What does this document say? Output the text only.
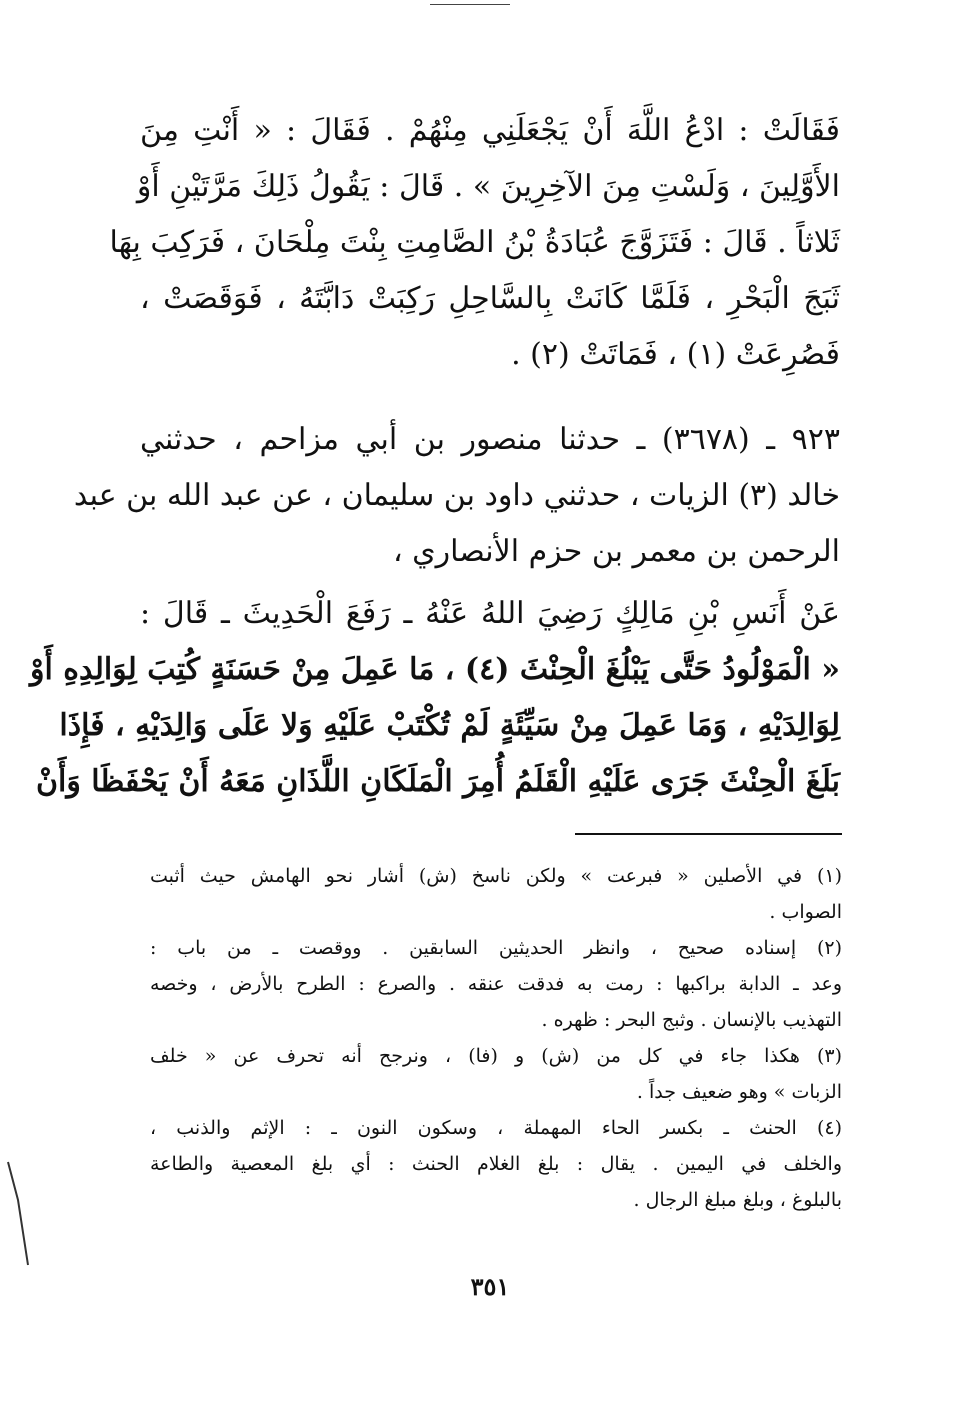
فَقَالَتْ : ادْعُ اللَّهَ أَنْ يَجْعَلَنِي مِنْهُمْ . فَقَالَ : « أَنْتِ مِنَ
الأَوَّلِينَ ، وَلَسْتِ مِنَ الآخِرِينَ » . قَالَ : يَقُولُ ذَلِكَ مَرَّتَيْنِ أَوْ
ثَلاثاً . قَالَ : فَتَزَوَّجَ عُبَادَةُ بْنُ الصَّامِتِ بِنْتَ مِلْحَانَ ، فَرَكِبَ بِهَا
ثَبَجَ الْبَحْرِ ، فَلَمَّا كَانَتْ بِالسَّاحِلِ رَكِبَتْ دَابَّتَهُ ، فَوَقَصَتْ ،
فَصُرِعَتْ (١) ، فَمَاتَتْ (٢) .
٩٢٣ ـ (٣٦٧٨) ـ حدثنا منصور بن أبي مزاحم ، حدثني
خالد (٣) الزيات ، حدثني داود بن سليمان ، عن عبد الله بن عبد
الرحمن بن معمر بن حزم الأنصاري ،
عَنْ أَنَسِ بْنِ مَالِكٍ رَضِيَ اللهُ عَنْهُ ـ رَفَعَ الْحَدِيثَ ـ قَالَ :
« الْمَوْلُودُ حَتَّى يَبْلُغَ الْحِنْثَ (٤) ، مَا عَمِلَ مِنْ حَسَنَةٍ كُتِبَ لِوَالِدِهِ أَوْ
لِوَالِدَيْهِ ، وَمَا عَمِلَ مِنْ سَيِّئَةٍ لَمْ تُكْتَبْ عَلَيْهِ وَلا عَلَى وَالِدَيْهِ ، فَإِذَا
بَلَغَ الْحِنْثَ جَرَى عَلَيْهِ الْقَلَمُ أُمِرَ الْمَلَكَانِ اللَّذَانِ مَعَهُ أَنْ يَحْفَظَا وَأَنْ
(١) في الأصلين « فبرعت » ولكن ناسخ (ش) أشار نحو الهامش حيث أثبت
الصواب .
(٢) إسناده صحيح ، وانظر الحديثين السابقين . ووقصت ـ من باب :
وعد ـ الدابة براكبها : رمت به فدقت عنقه . والصرع : الطرح بالأرض ، وخصه
التهذيب بالإنسان . وثبج البحر : ظهره .
(٣) هكذا جاء في كل من (ش) و (فا) ، ونرجح أنه تحرف عن « خلف
الزبات » وهو ضعيف جداً .
(٤) الحنث ـ بكسر الحاء المهملة ، وسكون النون ـ : الإثم والذنب ،
والخلف في اليمين . يقال : بلغ الغلام الحنث : أي بلغ المعصية والطاعة
بالبلوغ ، وبلغ مبلغ الرجال .
٣٥١
